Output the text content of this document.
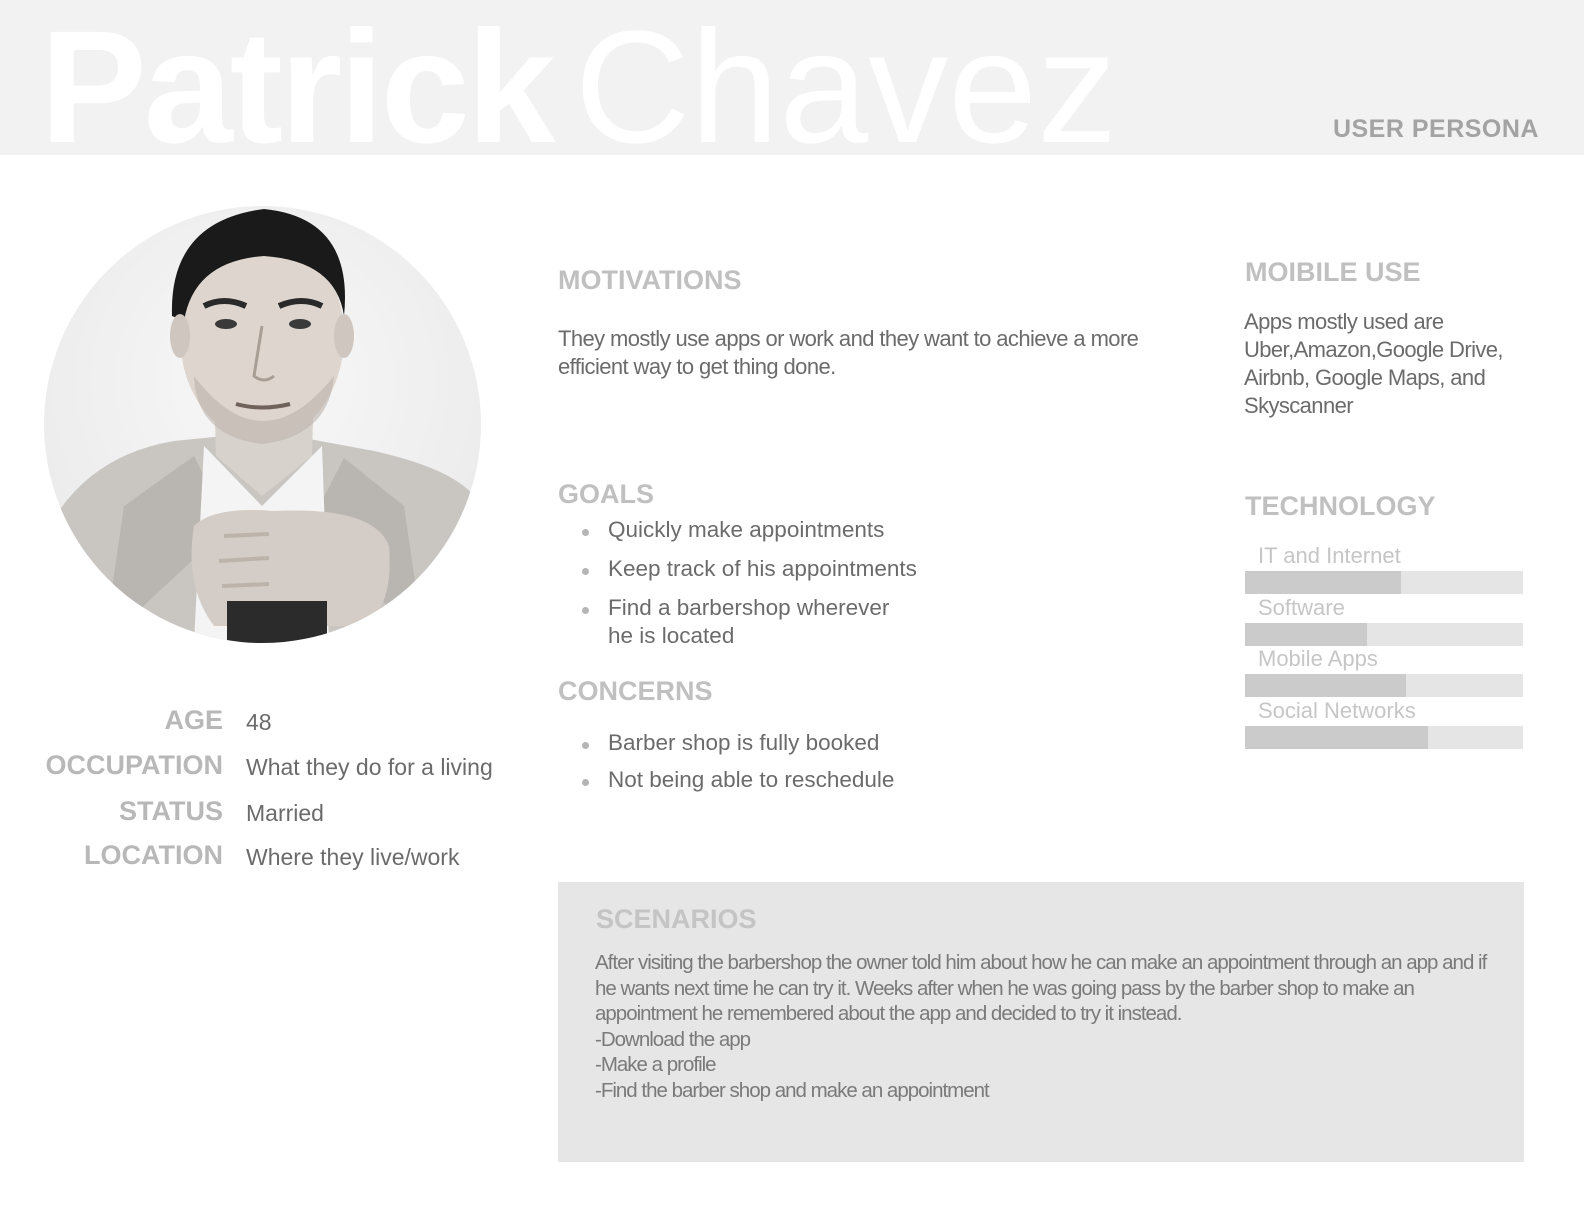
Patrick Chavez	USER PERSONA
AGE 48
OCCUPATION What they do for a living
STATUS Married
LOCATION Where they live/work
MOTIVATIONS
They mostly use apps or work and they want to achieve a more efficient way to get thing done.
GOALS
Quickly make appointments
Keep track of his appointments
Find a barbershop wherever he is located
CONCERNS
Barber shop is fully booked
Not being able to reschedule
MOIBILE USE
Apps mostly used are Uber,Amazon,Google Drive, Airbnb, Google Maps, and Skyscanner
TECHNOLOGY
IT and Internet
Software
Mobile Apps
Social Networks
SCENARIOS
After visiting the barbershop the owner told him about how he can make an appointment through an app and if he wants next time he can try it. Weeks after when he was going pass by the barber shop to make an appointment he remembered about the app and decided to try it instead.
-Download the app
-Make a profile
-Find the barber shop and make an appointment
